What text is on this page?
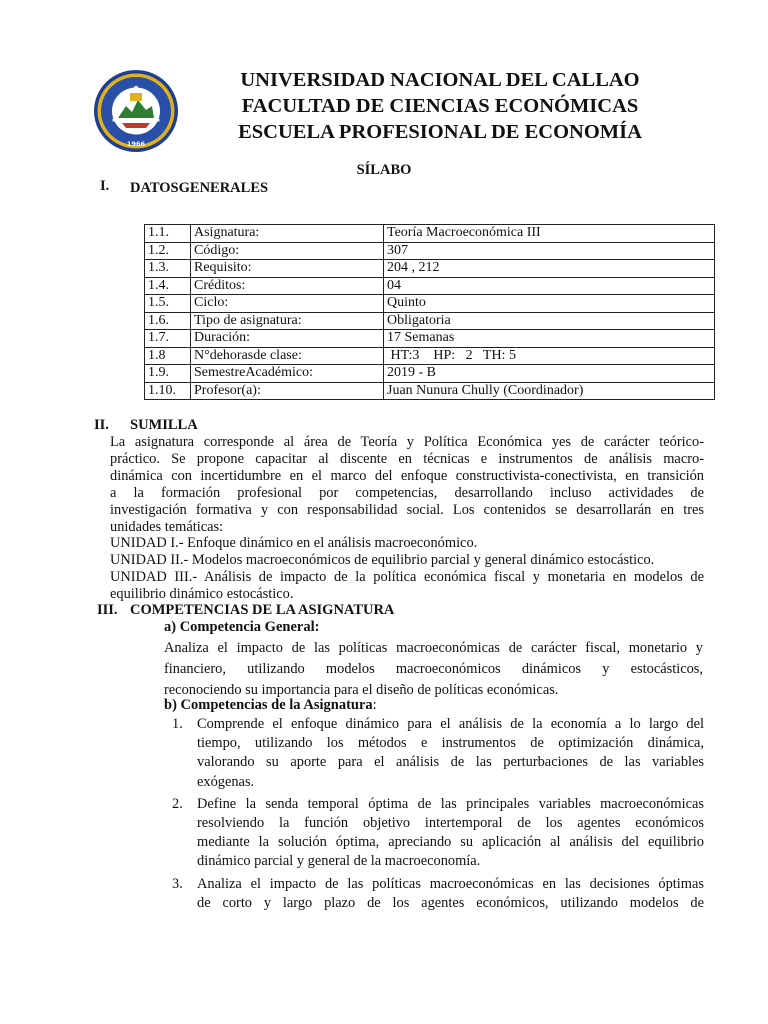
1966
UNIVERSIDAD NACIONAL DEL CALLAO
FACULTAD DE CIENCIAS ECONÓMICAS
ESCUELA PROFESIONAL DE ECONOMÍA
SÍLABO
I. DATOSGENERALES
1.1.	Asignatura:	Teoría Macroeconómica III
1.2.	Código:	307
1.3.	Requisito:	204 , 212
1.4.	Créditos:	04
1.5.	Ciclo:	Quinto
1.6.	Tipo de asignatura:	Obligatoria
1.7.	Duración:	17 Semanas
1.8	N°dehorasde clase:	HT:3    HP:   2   TH: 5
1.9.	SemestreAcadémico:	2019 - B
1.10.	Profesor(a):	Juan Nunura Chully (Coordinador)
II. SUMILLA

La asignatura corresponde al área de Teoría y Política Económica yes de carácter teórico-

práctico. Se propone capacitar al discente en técnicas e instrumentos de análisis macro-

dinámica con incertidumbre en el marco del enfoque constructivista-conectivista, en transición

a la formación profesional por competencias, desarrollando incluso actividades de

investigación formativa y con responsabilidad social. Los contenidos se desarrollarán en tres

unidades temáticas:

UNIDAD I.- Enfoque dinámico en el análisis macroeconómico.

UNIDAD II.- Modelos macroeconómicos de equilibrio parcial y general dinámico estocástico.

UNIDAD III.- Análisis de impacto de la política económica fiscal y monetaria en modelos de

equilibrio dinámico estocástico.

III. COMPETENCIAS DE LA ASIGNATURA
a) Competencia General:

Analiza el impacto de las políticas macroeconómicas de carácter fiscal, monetario y

financiero, utilizando modelos macroeconómicos dinámicos y estocásticos,

reconociendo su importancia para el diseño de políticas económicas.

b) Competencias de la Asignatura:
1. Comprende el enfoque dinámico para el análisis de la economía a lo largo del

tiempo, utilizando los métodos e instrumentos de optimización dinámica,

valorando su aporte para el análisis de las perturbaciones de las variables

exógenas.

2. Define la senda temporal óptima de las principales variables macroeconómicas

resolviendo la función objetivo intertemporal de los agentes económicos

mediante la solución óptima, apreciando su aplicación al análisis del equilibrio

dinámico parcial y general de la macroeconomía.

3. Analiza el impacto de las políticas macroeconómicas en las decisiones óptimas

de corto y largo plazo de los agentes económicos, utilizando modelos de
